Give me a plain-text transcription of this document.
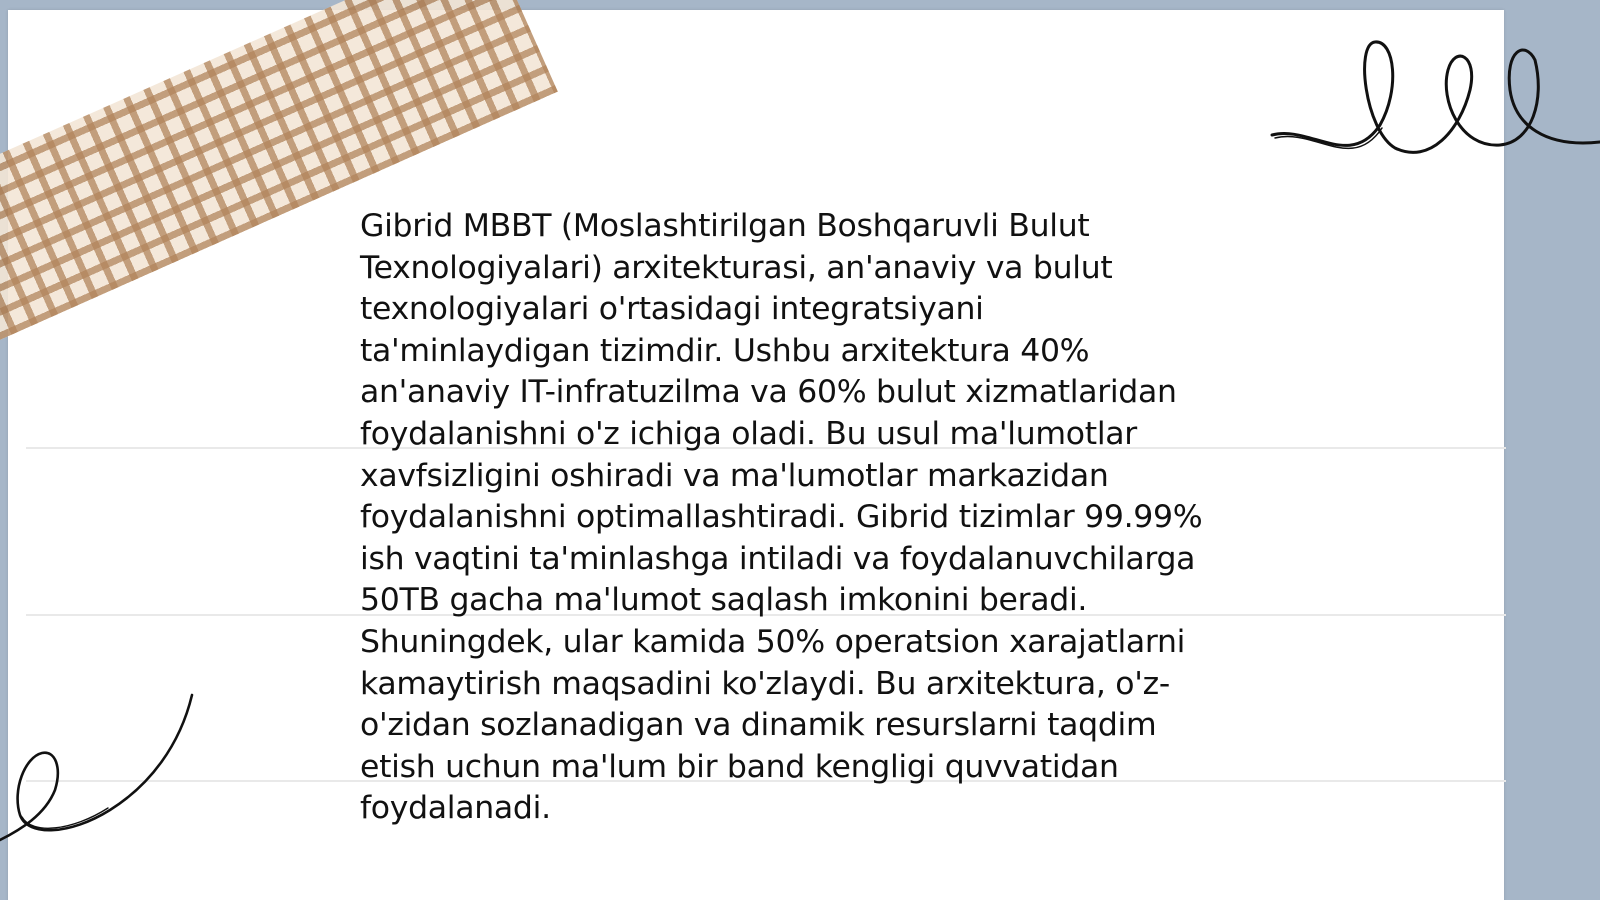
Gibrid MBBT (Moslashtirilgan Boshqaruvli Bulut
Texnologiyalari) arxitekturasi, an'anaviy va bulut
texnologiyalari o'rtasidagi integratsiyani
ta'minlaydigan tizimdir. Ushbu arxitektura 40%
an'anaviy IT-infratuzilma va 60% bulut xizmatlaridan
foydalanishni o'z ichiga oladi. Bu usul ma'lumotlar
xavfsizligini oshiradi va ma'lumotlar markazidan
foydalanishni optimallashtiradi. Gibrid tizimlar 99.99%
ish vaqtini ta'minlashga intiladi va foydalanuvchilarga
50TB gacha ma'lumot saqlash imkonini beradi.
Shuningdek, ular kamida 50% operatsion xarajatlarni
kamaytirish maqsadini ko'zlaydi. Bu arxitektura, o'z-
o'zidan sozlanadigan va dinamik resurslarni taqdim
etish uchun ma'lum bir band kengligi quvvatidan
foydalanadi.
